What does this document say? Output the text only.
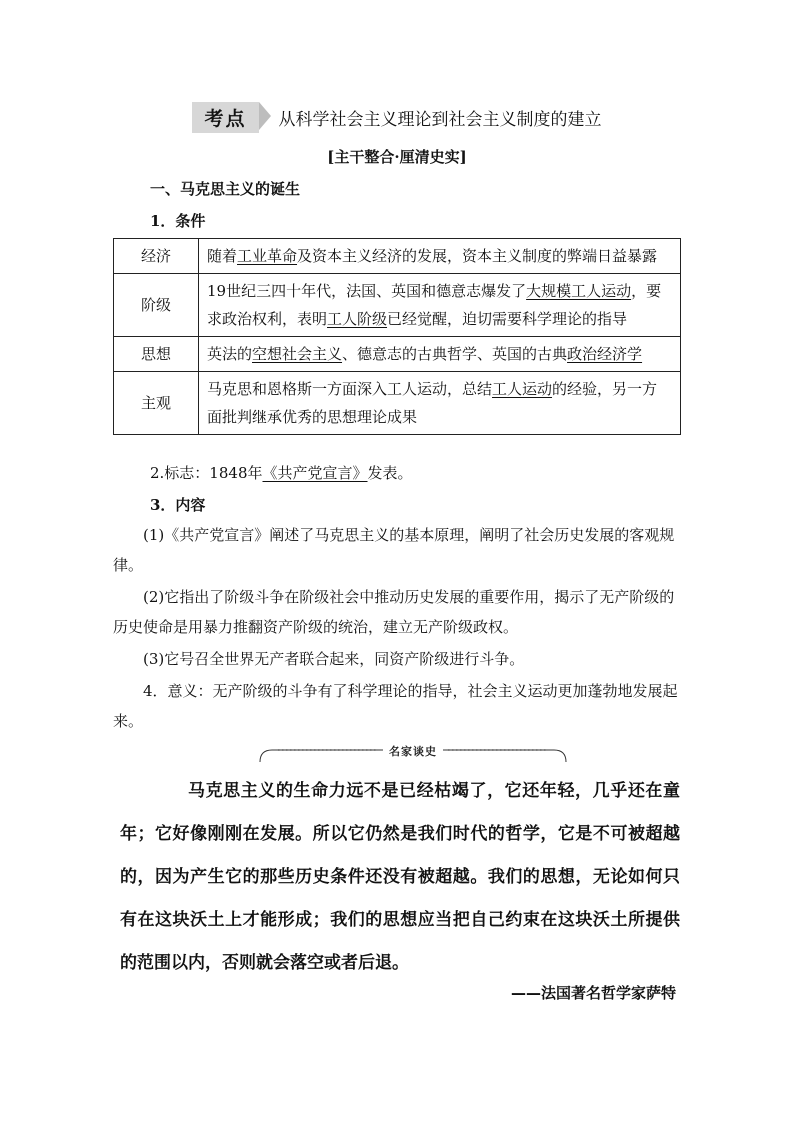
考点	从科学社会主义理论到社会主义制度的建立
[主干整合·厘清史实]
一、马克思主义的诞生
1．条件
经济	随着工业革命及资本主义经济的发展，资本主义制度的弊端日益暴露
阶级	19世纪三四十年代，法国、英国和德意志爆发了大规模工人运动，要求政治权利，表明工人阶级已经觉醒，迫切需要科学理论的指导
思想	英法的空想社会主义、德意志的古典哲学、英国的古典政治经济学
主观	马克思和恩格斯一方面深入工人运动，总结工人运动的经验，另一方面批判继承优秀的思想理论成果
2.标志：1848年《共产党宣言》发表。
3．内容
(1)《共产党宣言》阐述了马克思主义的基本原理，阐明了社会历史发展的客观规律。
(2)它指出了阶级斗争在阶级社会中推动历史发展的重要作用，揭示了无产阶级的历史使命是用暴力推翻资产阶级的统治，建立无产阶级政权。
(3)它号召全世界无产者联合起来，同资产阶级进行斗争。
4．意义：无产阶级的斗争有了科学理论的指导，社会主义运动更加蓬勃地发展起来。
名家谈史
马克思主义的生命力远不是已经枯竭了，它还年轻，几乎还在童年；它好像刚刚在发展。所以它仍然是我们时代的哲学，它是不可被超越的，因为产生它的那些历史条件还没有被超越。我们的思想，无论如何只有在这块沃土上才能形成；我们的思想应当把自己约束在这块沃土所提供的范围以内，否则就会落空或者后退。
——法国著名哲学家萨特
